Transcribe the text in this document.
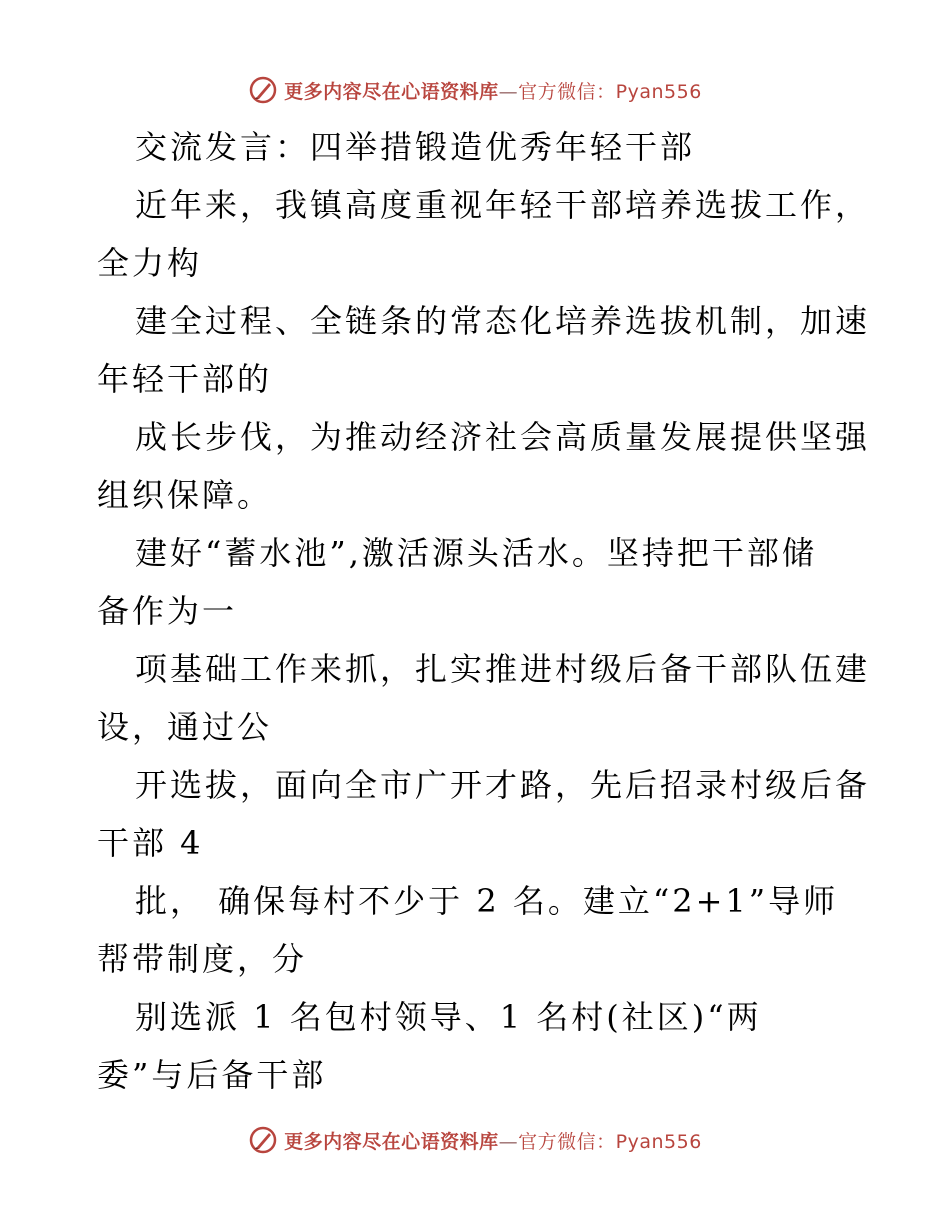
更多内容尽在心语资料库—官方微信：Pyan556
交流发言：四举措锻造优秀年轻干部
近年来，我镇高度重视年轻干部培养选拔工作，
全力构
建全过程、全链条的常态化培养选拔机制，加速
年轻干部的
成长步伐，为推动经济社会高质量发展提供坚强
组织保障。
建好“蓄水池”,激活源头活水。坚持把干部储
备作为一
项基础工作来抓，扎实推进村级后备干部队伍建
设，通过公
开选拔，面向全市广开才路，先后招录村级后备
干部 4
批， 确保每村不少于 2 名。建立“2+1”导师
帮带制度，分
别选派 1 名包村领导、1 名村(社区)“两
委”与后备干部
更多内容尽在心语资料库—官方微信：Pyan556
